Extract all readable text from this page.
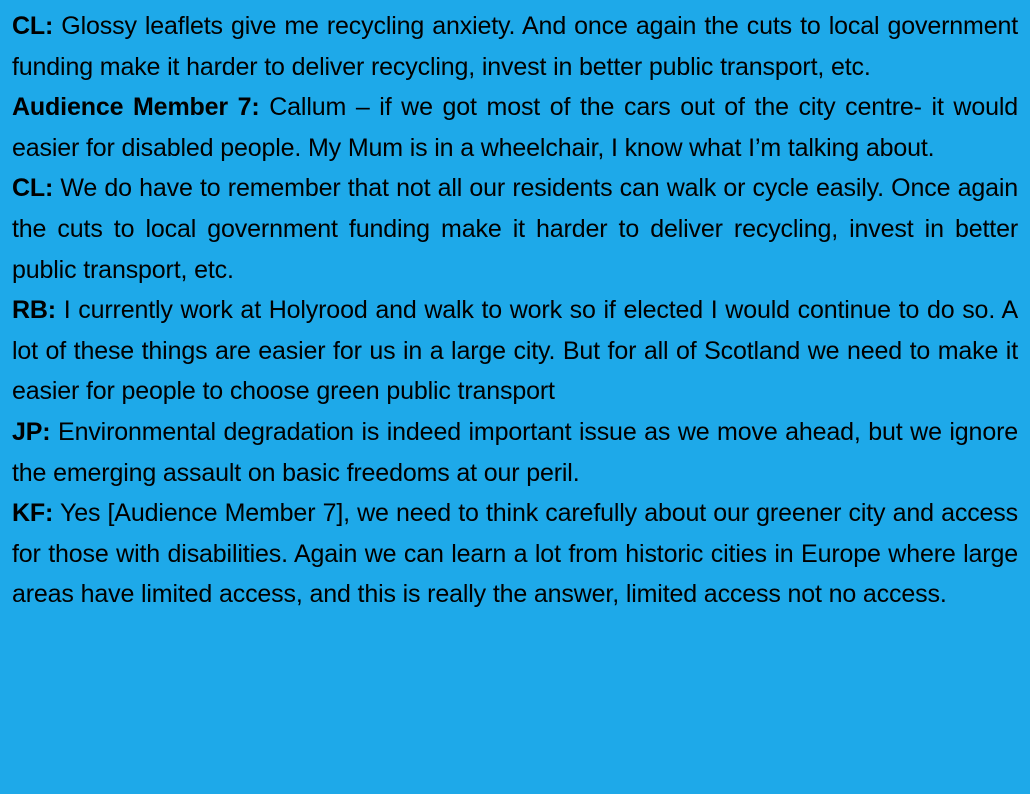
CL: Glossy leaflets give me recycling anxiety. And once again the cuts to local government funding make it harder to deliver recycling, invest in better public transport, etc.

Audience Member 7: Callum – if we got most of the cars out of the city centre- it would easier for disabled people. My Mum is in a wheelchair, I know what I’m talking about.

CL: We do have to remember that not all our residents can walk or cycle easily. Once again the cuts to local government funding make it harder to deliver recycling, invest in better public transport, etc.

RB: I currently work at Holyrood and walk to work so if elected I would continue to do so. A lot of these things are easier for us in a large city. But for all of Scotland we need to make it easier for people to choose green public transport

JP: Environmental degradation is indeed important issue as we move ahead, but we ignore the emerging assault on basic freedoms at our peril.

KF: Yes [Audience Member 7], we need to think carefully about our greener city and access for those with disabilities. Again we can learn a lot from historic cities in Europe where large areas have limited access, and this is really the answer, limited access not no access.
